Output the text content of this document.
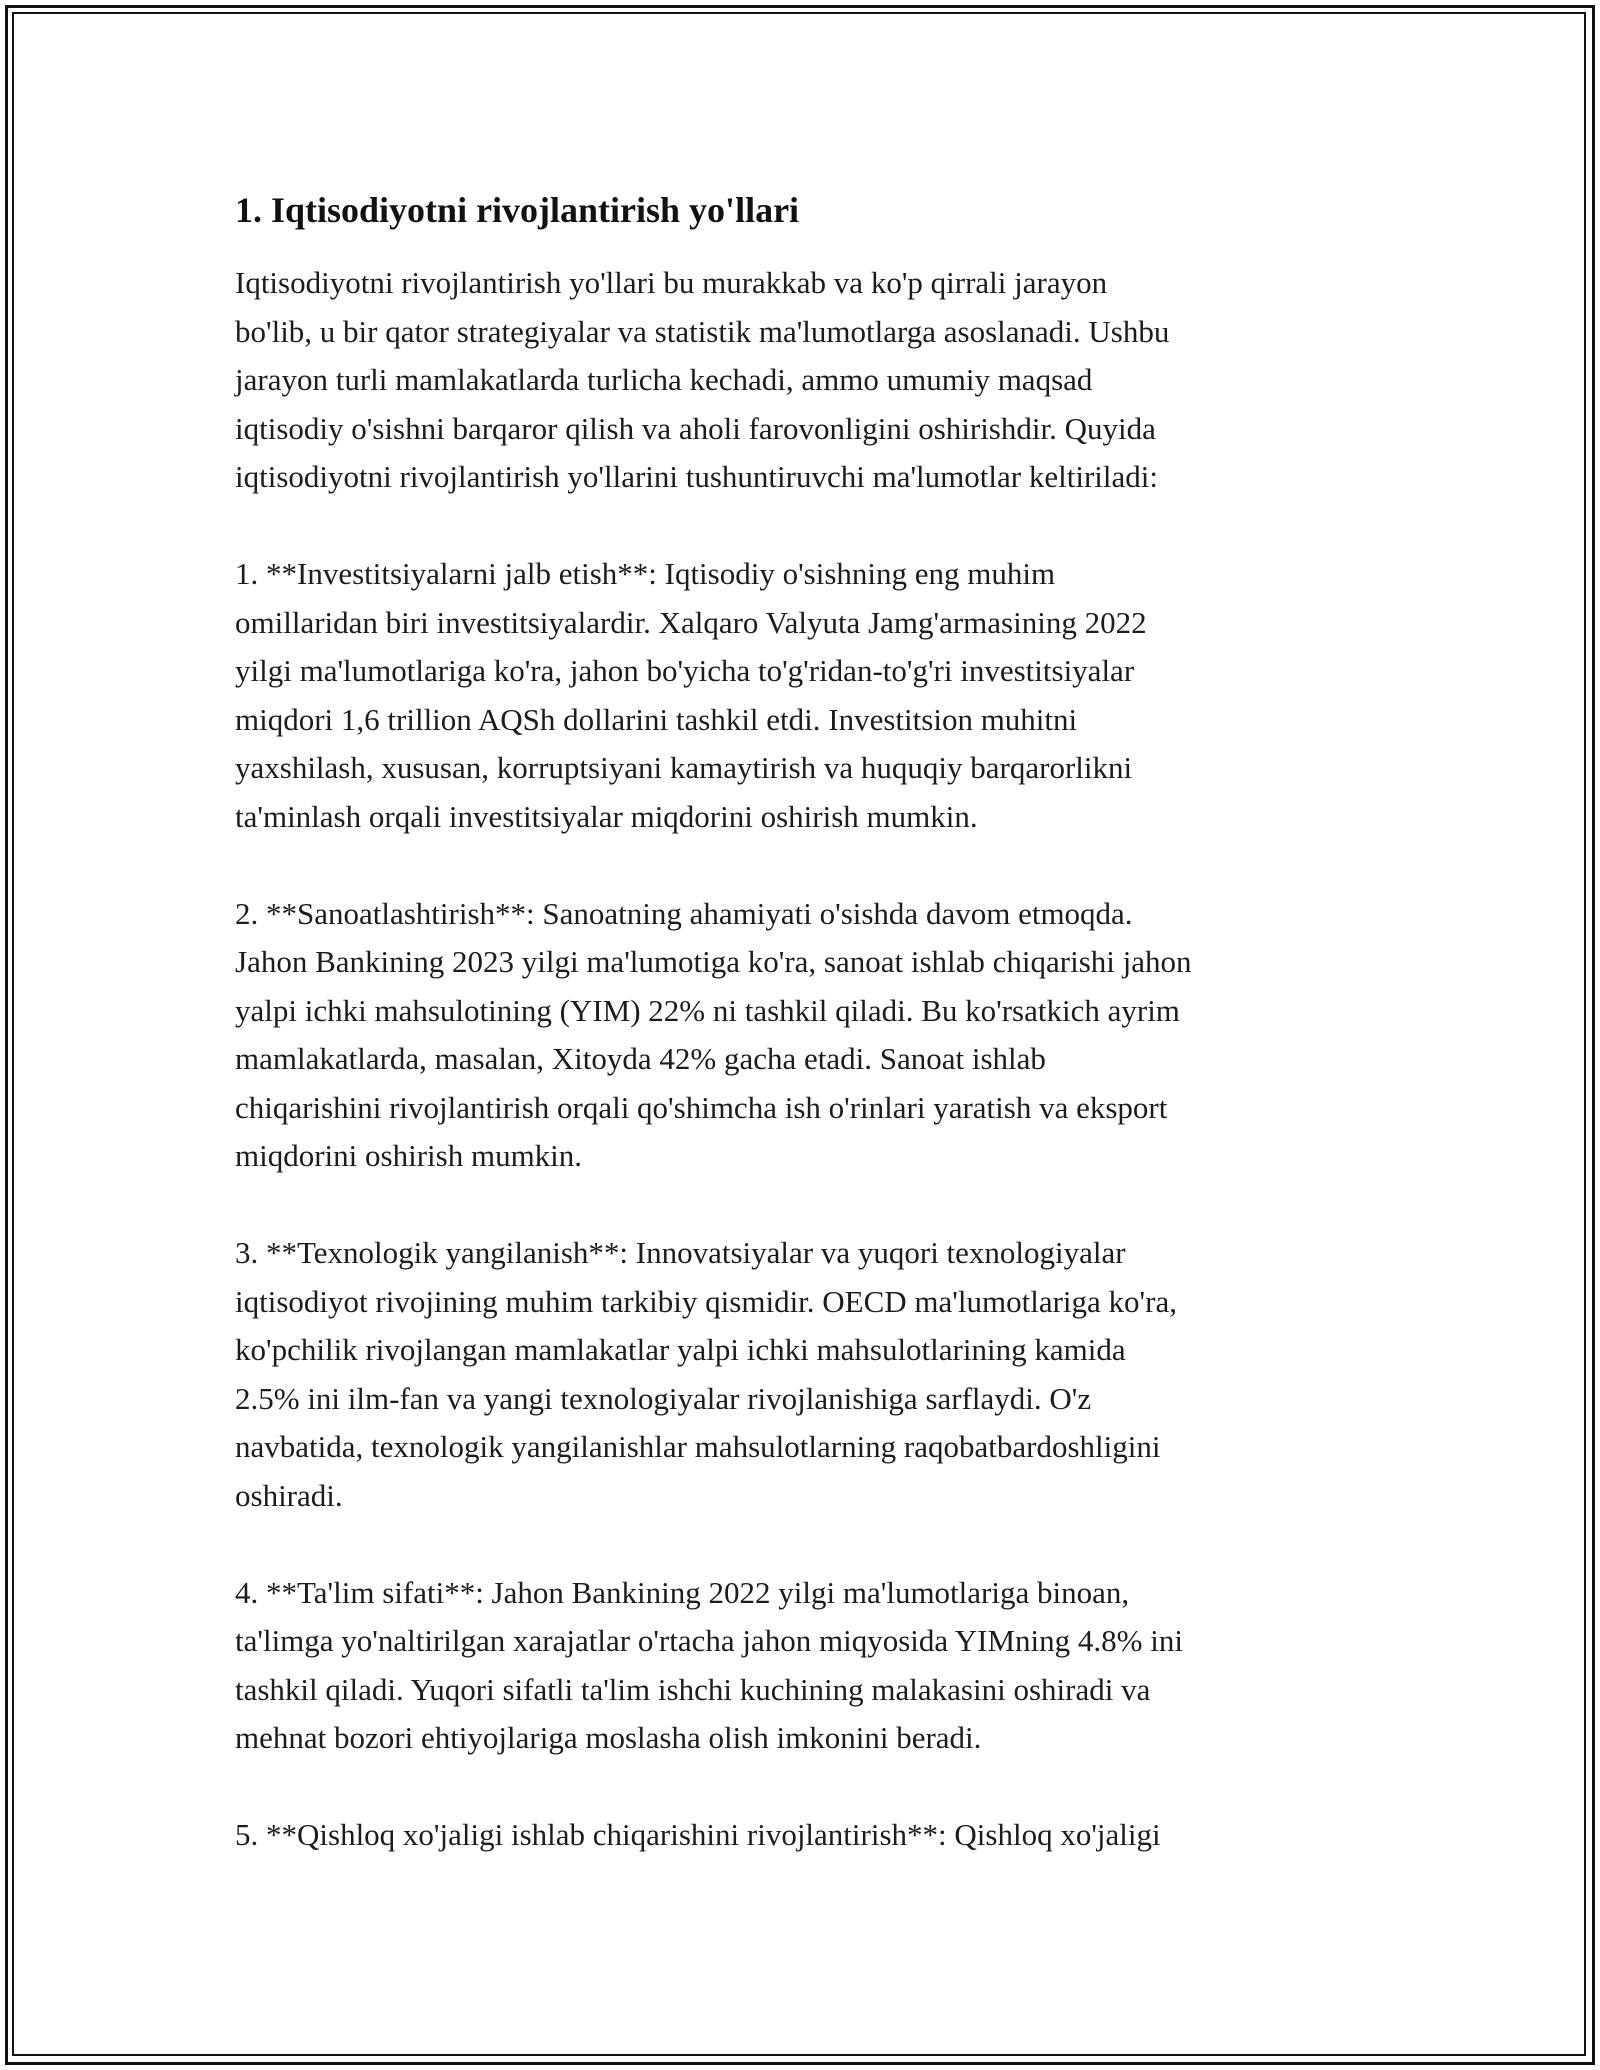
1. Iqtisodiyotni rivojlantirish yo'llari

Iqtisodiyotni rivojlantirish yo'llari bu murakkab va ko'p qirrali jarayon
bo'lib, u bir qator strategiyalar va statistik ma'lumotlarga asoslanadi. Ushbu
jarayon turli mamlakatlarda turlicha kechadi, ammo umumiy maqsad
iqtisodiy o'sishni barqaror qilish va aholi farovonligini oshirishdir. Quyida
iqtisodiyotni rivojlantirish yo'llarini tushuntiruvchi ma'lumotlar keltiriladi:

1. **Investitsiyalarni jalb etish**: Iqtisodiy o'sishning eng muhim
omillaridan biri investitsiyalardir. Xalqaro Valyuta Jamg'armasining 2022
yilgi ma'lumotlariga ko'ra, jahon bo'yicha to'g'ridan-to'g'ri investitsiyalar
miqdori 1,6 trillion AQSh dollarini tashkil etdi. Investitsion muhitni
yaxshilash, xususan, korruptsiyani kamaytirish va huquqiy barqarorlikni
ta'minlash orqali investitsiyalar miqdorini oshirish mumkin.

2. **Sanoatlashtirish**: Sanoatning ahamiyati o'sishda davom etmoqda.
Jahon Bankining 2023 yilgi ma'lumotiga ko'ra, sanoat ishlab chiqarishi jahon
yalpi ichki mahsulotining (YIM) 22% ni tashkil qiladi. Bu ko'rsatkich ayrim
mamlakatlarda, masalan, Xitoyda 42% gacha etadi. Sanoat ishlab
chiqarishini rivojlantirish orqali qo'shimcha ish o'rinlari yaratish va eksport
miqdorini oshirish mumkin.

3. **Texnologik yangilanish**: Innovatsiyalar va yuqori texnologiyalar
iqtisodiyot rivojining muhim tarkibiy qismidir. OECD ma'lumotlariga ko'ra,
ko'pchilik rivojlangan mamlakatlar yalpi ichki mahsulotlarining kamida
2.5% ini ilm-fan va yangi texnologiyalar rivojlanishiga sarflaydi. O'z
navbatida, texnologik yangilanishlar mahsulotlarning raqobatbardoshligini
oshiradi.

4. **Ta'lim sifati**: Jahon Bankining 2022 yilgi ma'lumotlariga binoan,
ta'limga yo'naltirilgan xarajatlar o'rtacha jahon miqyosida YIMning 4.8% ini
tashkil qiladi. Yuqori sifatli ta'lim ishchi kuchining malakasini oshiradi va
mehnat bozori ehtiyojlariga moslasha olish imkonini beradi.

5. **Qishloq xo'jaligi ishlab chiqarishini rivojlantirish**: Qishloq xo'jaligi
